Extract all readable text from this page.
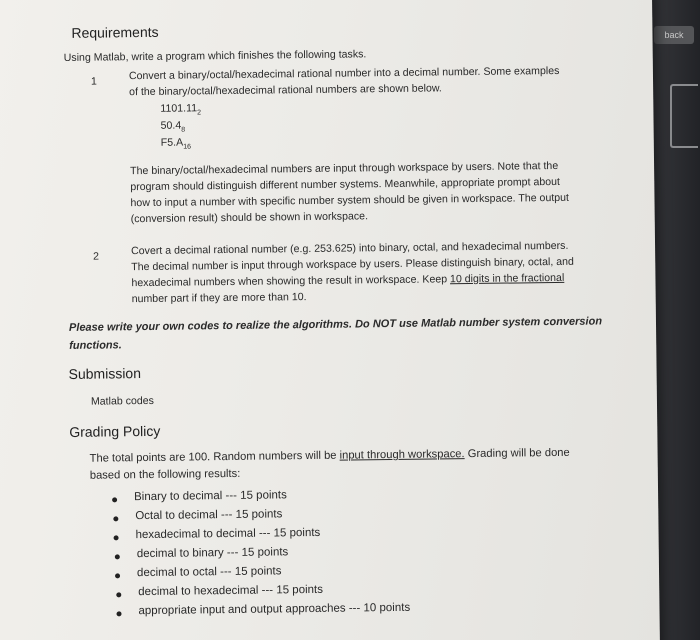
back
Requirements
Using Matlab, write a program which finishes the following tasks.
1	Convert a binary/octal/hexadecimal rational number into a decimal number. Some examples
of the binary/octal/hexadecimal rational numbers are shown below.
$1101.11_2$
$50.4_8$
$F5.A_{16}$
The binary/octal/hexadecimal numbers are input through workspace by users. Note that the
program should distinguish different number systems. Meanwhile, appropriate prompt about
how to input a number with specific number system should be given in workspace. The output
(conversion result) should be shown in workspace.
2	Covert a decimal rational number (e.g. 253.625) into binary, octal, and hexadecimal numbers.
The decimal number is input through workspace by users. Please distinguish binary, octal, and
hexadecimal numbers when showing the result in workspace. Keep 10 digits in the fractional
number part if they are more than 10.
Please write your own codes to realize the algorithms. Do NOT use Matlab number system conversion
functions.
Submission
Matlab codes
Grading Policy
The total points are 100. Random numbers will be input through workspace. Grading will be done
based on the following results:
Binary to decimal --- 15 points
Octal to decimal --- 15 points
hexadecimal to decimal --- 15 points
decimal to binary --- 15 points
decimal to octal --- 15 points
decimal to hexadecimal --- 15 points
appropriate input and output approaches --- 10 points
